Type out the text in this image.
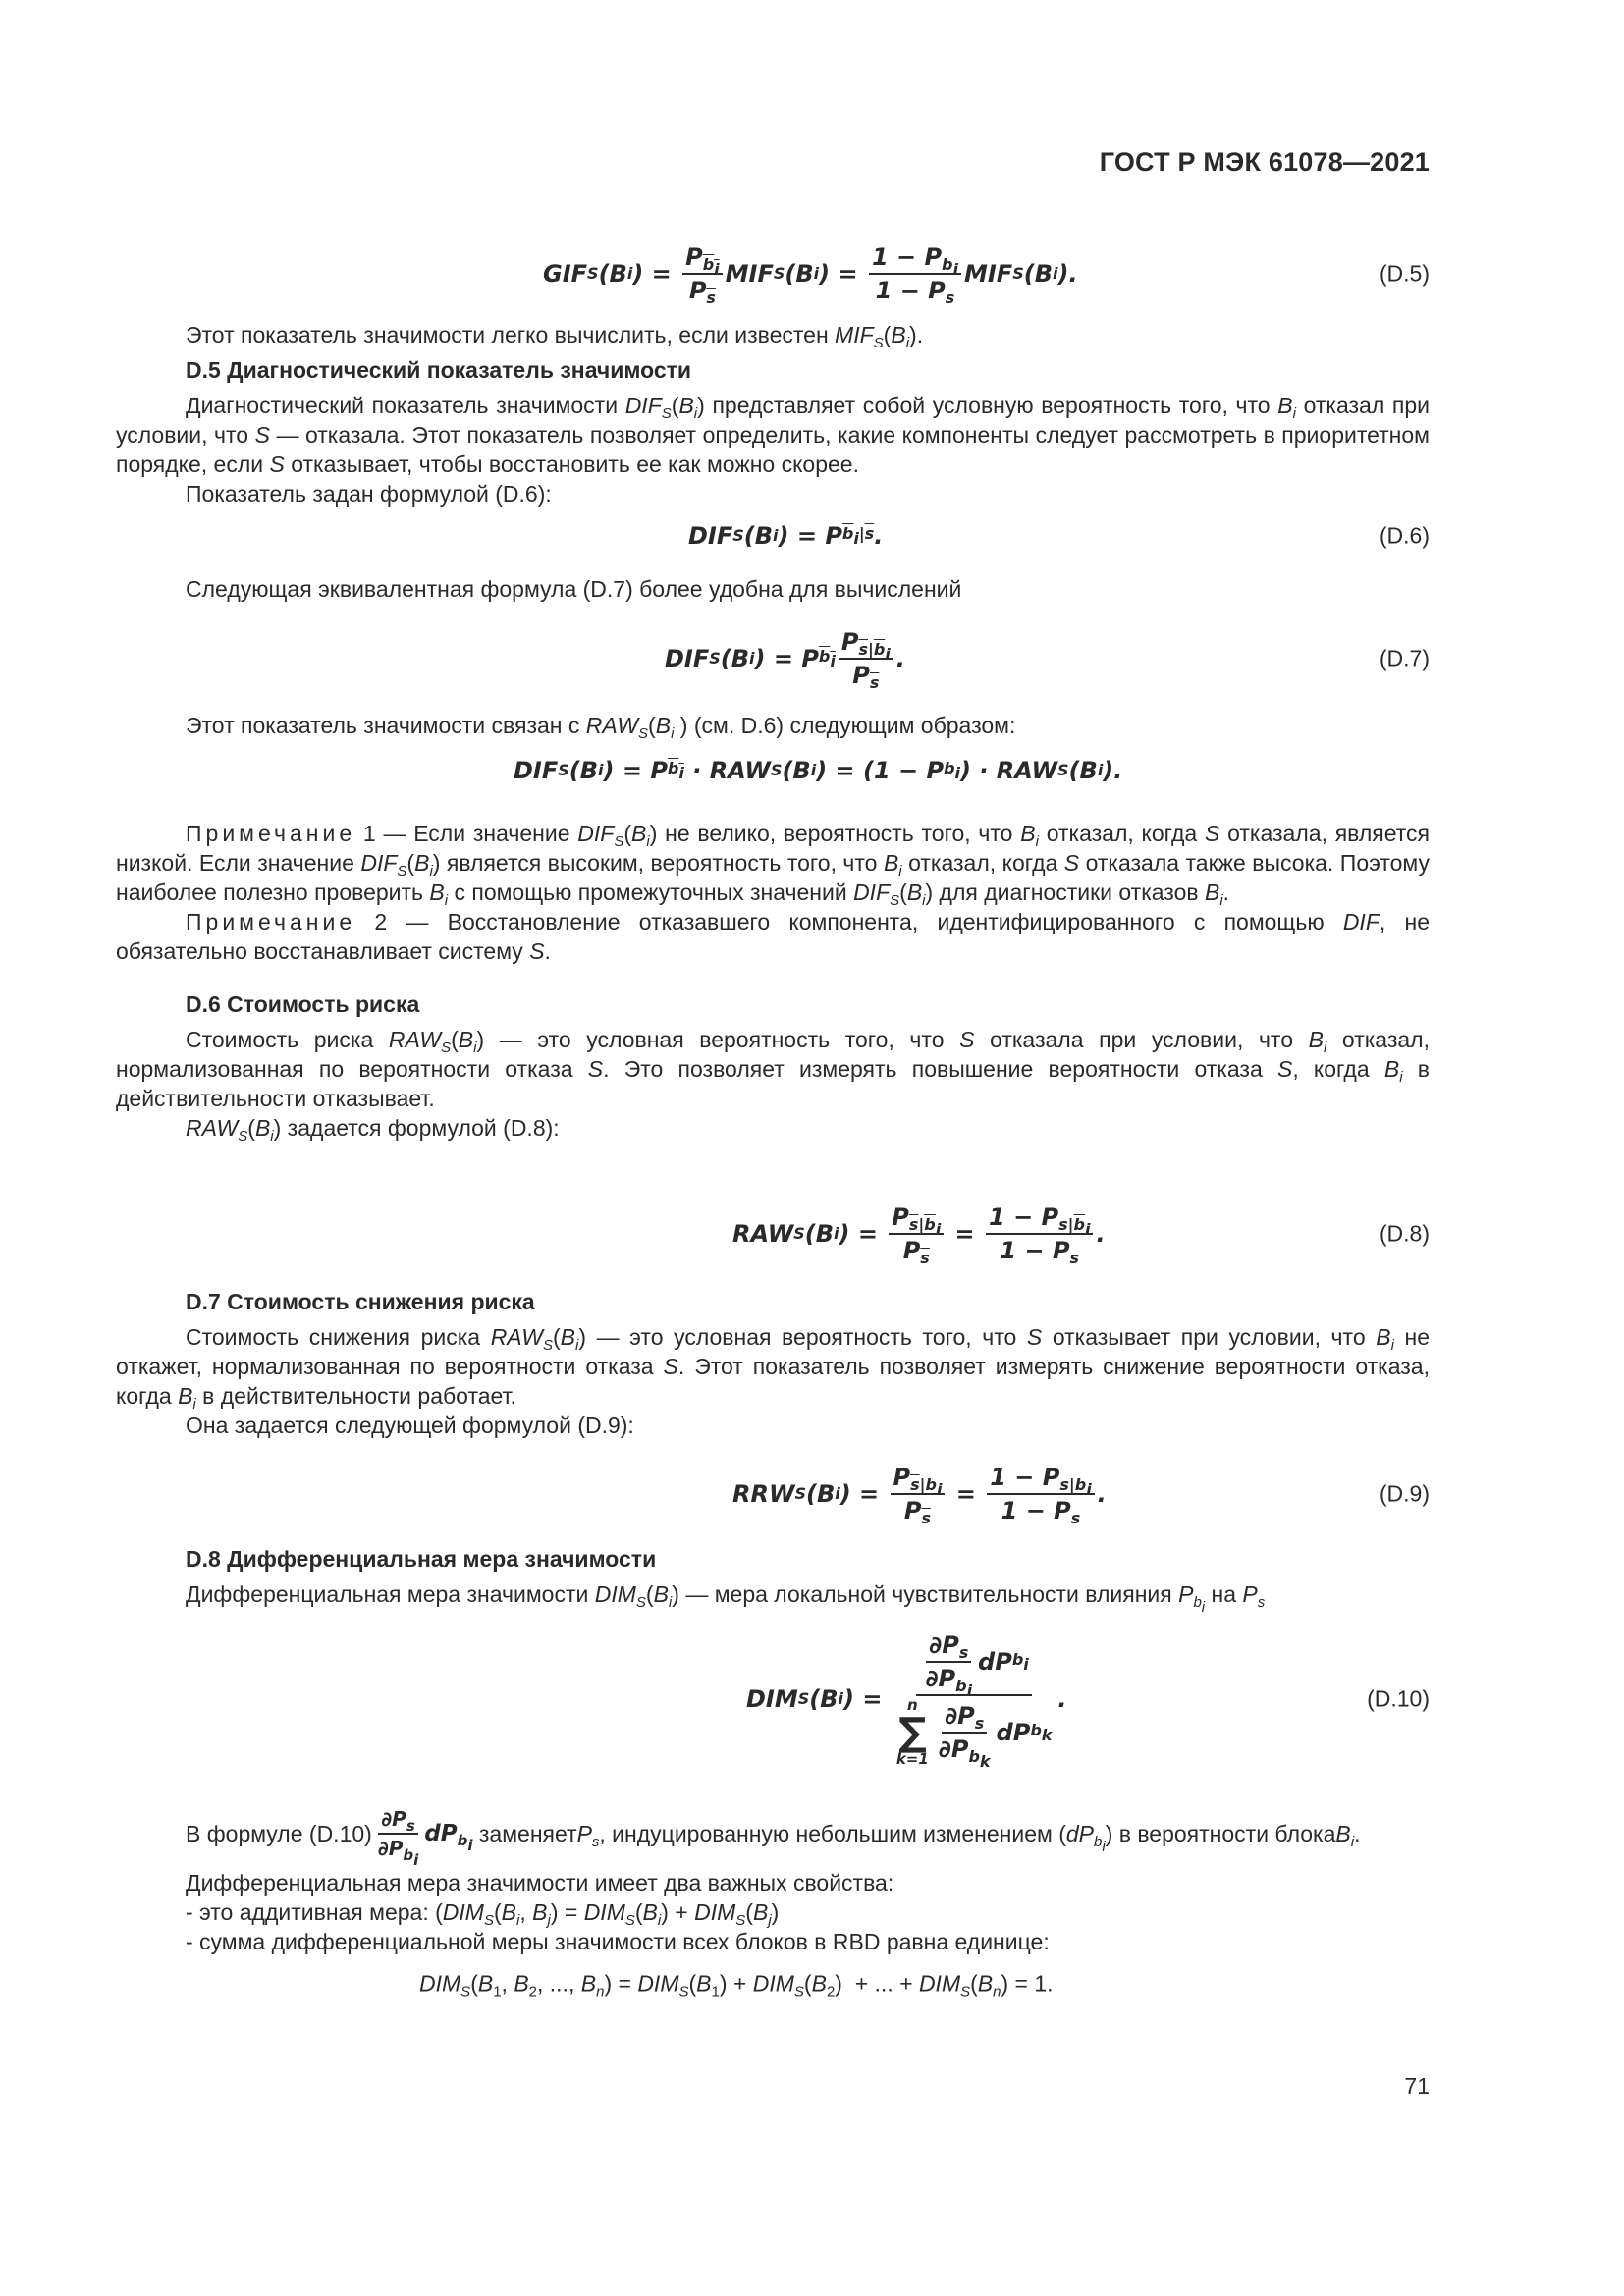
ГОСТ Р МЭК 61078—2021
GIF S (B i ) = $\frac{P_{b_i}}{P_{\overline{s}}}$ MIF S (B i ) = $\frac{1 - P_{b_i}}{1 - P_s}$ MIF S (B i ).	(D.5)

Этот показатель значимости легко вычислить, если известен $MIF_S(B_i)$.

D.5 Диагностический показатель значимости

Диагностический показатель значимости $DIF_S(B_i)$ представляет собой условную вероятность того, что $B_i$ отказал при условии, что S — отказала. Этот показатель позволяет определить, какие компоненты следует рассмотреть в приоритетном порядке, если S отказывает, чтобы восстановить ее как можно скорее.

Показатель задан формулой (D.6):

DIF S (B i ) = P $\overline{b}_i|\overline{s}$ .	(D.6)

Следующая эквивалентная формула (D.7) более удобна для вычислений

DIF S (B i ) = P $b_i \frac{P_{\overline{s}|\overline{b}_i}}{P_{\overline{s}}}$ .	(D.7)

Этот показатель значимости связан с $RAW_S(B_i$ ) (см. D.6) следующим образом:

DIF S (B i ) = P $b_i$ · RAW S (B i ) = (1 − P $b_i$ ) · RAW S (B i ).

Примечание 1 — Если значение $DIF_S(B_i)$ не велико, вероятность того, что $B_i$ отказал, когда S отказала, является низкой. Если значение $DIF_S(B_i)$ является высоким, вероятность того, что $B_i$ отказал, когда S отказала также высока. Поэтому наиболее полезно проверить $B_i$ с помощью промежуточных значений $DIF_S(B_i)$ для диагностики отказов $B_i$.

Примечание 2 — Восстановление отказавшего компонента, идентифицированного с помощью DIF, не обязательно восстанавливает систему S.

D.6 Стоимость риска

Стоимость риска $RAW_S(B_i)$ — это условная вероятность того, что S отказала при условии, что $B_i$ отказал, нормализованная по вероятности отказа S. Это позволяет измерять повышение вероятности отказа S, когда $B_i$ в действительности отказывает.

$RAW_S(B_i)$ задается формулой (D.8):

RAW S (B i ) = $\frac{P_{\overline{s}|\overline{b}_i}}{P_{\overline{s}}} = \frac{1 - P_{s|\overline{b}_i}}{1 - P_s}$ .	(D.8)

D.7 Стоимость снижения риска

Стоимость снижения риска $RAW_S(B_i)$ — это условная вероятность того, что S отказывает при условии, что $B_i$ не откажет, нормализованная по вероятности отказа S. Этот показатель позволяет измерять снижение вероятности отказа, когда $B_i$ в действительности работает.

Она задается следующей формулой (D.9):

RRW S (B i ) = $\frac{P_{\overline{s}|b_i}}{P_{\overline{s}}} = \frac{1 - P_{s|b_i}}{1 - P_s}$ .	(D.9)

D.8 Дифференциальная мера значимости

Дифференциальная мера значимости $DIM_S(B_i)$ — мера локальной чувствительности влияния $P_{b_i}$ на $P_s$

DIM S (B i ) = $\frac{\partial P_s}{\partial P_{b_i}}$ dP $b_i$
n
∑
$k=1 \frac{\partial P_s}{\partial P_{b_k}}$ dP $b_k$ .	(D.10)

В формуле $(D.10) \frac{\partial P_s}{\partial P_{b_i}} dP_{b_i}$
заменяет $P_s$ , индуцированную небольшим изменением ( $dP_{b_i}$
) в вероятности блока $B_i$ .

Дифференциальная мера значимости имеет два важных свойства:

- это аддитивная мера: ($DIM_S(B_i$, $B_j) = DIM_S(B_i) + DIM_S(B_j)$

- сумма дифференциальной меры значимости всех блоков в RBD равна единице:

$DIM_S(B_1$, $B_2$, ..., $B_n) = DIM_S(B_1) + DIM_S(B_2)$  + ... + $DIM_S(B_n) = 1$.
71
